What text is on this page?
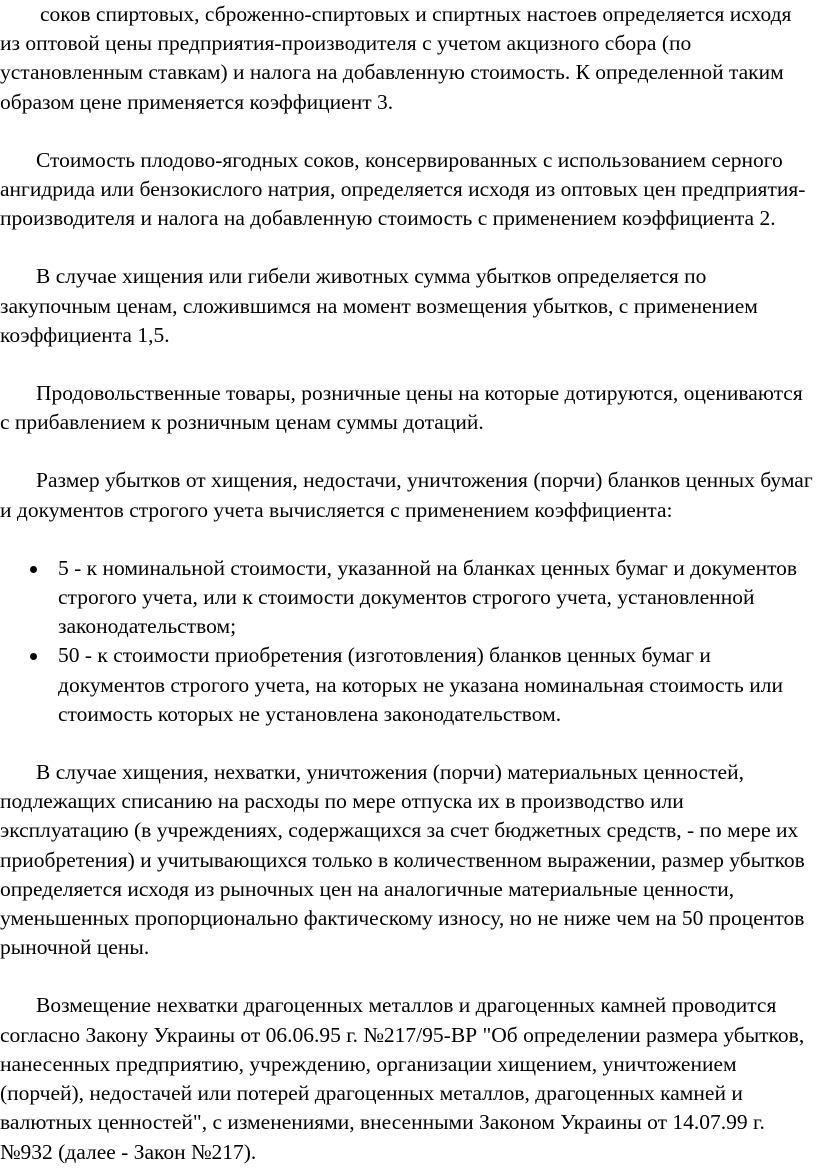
соков спиртовых, сброженно-спиртовых и спиртных настоев определяется исходя из оптовой цены предприятия-производителя с учетом акцизного сбора (по установленным ставкам) и налога на добавленную стоимость. К определенной таким образом цене применяется коэффициент 3.

Стоимость плодово-ягодных соков, консервированных с использованием серного ангидрида или бензокислого натрия, определяется исходя из оптовых цен предприятия-производителя и налога на добавленную стоимость с применением коэффициента 2.

В случае хищения или гибели животных сумма убытков определяется по закупочным ценам, сложившимся на момент возмещения убытков, с применением коэффициента 1,5.

Продовольственные товары, розничные цены на которые дотируются, оцениваются с прибавлением к розничным ценам суммы дотаций.

Размер убытков от хищения, недостачи, уничтожения (порчи) бланков ценных бумаг и документов строгого учета вычисляется с применением коэффициента:

5 - к номинальной стоимости, указанной на бланках ценных бумаг и документов строгого учета, или к стоимости документов строгого учета, установленной законодательством;
50 - к стоимости приобретения (изготовления) бланков ценных бумаг и документов строгого учета, на которых не указана номинальная стоимость или стоимость которых не установлена законодательством.

В случае хищения, нехватки, уничтожения (порчи) материальных ценностей, подлежащих списанию на расходы по мере отпуска их в производство или эксплуатацию (в учреждениях, содержащихся за счет бюджетных средств, - по мере их приобретения) и учитывающихся только в количественном выражении, размер убытков определяется исходя из рыночных цен на аналогичные материальные ценности, уменьшенных пропорционально фактическому износу, но не ниже чем на 50 процентов рыночной цены.

Возмещение нехватки драгоценных металлов и драгоценных камней проводится согласно Закону Украины от 06.06.95 г. №217/95-ВР "Об определении размера убытков, нанесенных предприятию, учреждению, организации хищением, уничтожением (порчей), недостачей или потерей драгоценных металлов, драгоценных камней и валютных ценностей", с изменениями, внесенными Законом Украины от 14.07.99 г. №932 (далее - Закон №217).
